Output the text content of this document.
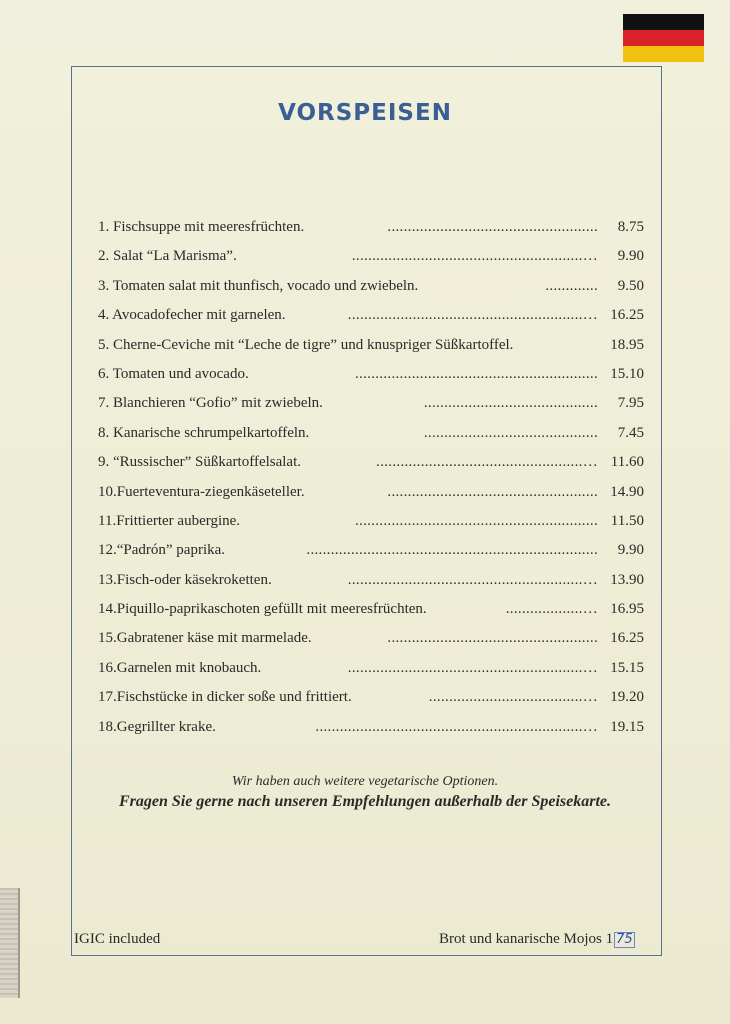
VORSPEISEN
1. Fischsuppe mit meeresfrüchten.	....................................................	8.75
2. Salat “La Marisma”.	….........................................................	9.90
3. Tomaten salat mit thunfisch, vocado und zwiebeln.	.............	9.50
4. Avocadofecher mit garnelen.	….......................................................... 16.25
5. Cherne-Ceviche mit “Leche de tigre” und knuspriger Süßkartoffel.	18.95
6. Tomaten und avocado.	............................................................ 15.10
7. Blanchieren “Gofio” mit zwiebeln.	...........................................	7.95
8. Kanarische schrumpelkartoffeln.	...........................................	7.45
9. “Russischer” Süßkartoffelsalat.	…................................................... 11.60
10.Fuerteventura-ziegenkäseteller.	.................................................... 14.90
11.Frittierter aubergine.	............................................................ 11.50
12.“Padrón” paprika.	........................................................................	9.90
13.Fisch-oder käsekroketten.	….......................................................... 13.90
14.Piquillo-paprikaschoten gefüllt mit meeresfrüchten.	…................... 16.95
15.Gabratener käse mit marmelade.	.................................................... 16.25
16.Garnelen mit knobauch.	….......................................................... 15.15
17.Fischstücke in dicker soße und frittiert.	…...................................... 19.20
18.Gegrillter krake.	….................................................................. 19.15
Wir haben auch weitere vegetarische Optionen.
Fragen Sie gerne nach unseren Empfehlungen außerhalb der Speisekarte.
IGIC included	Brot und kanarische Mojos 1 75
